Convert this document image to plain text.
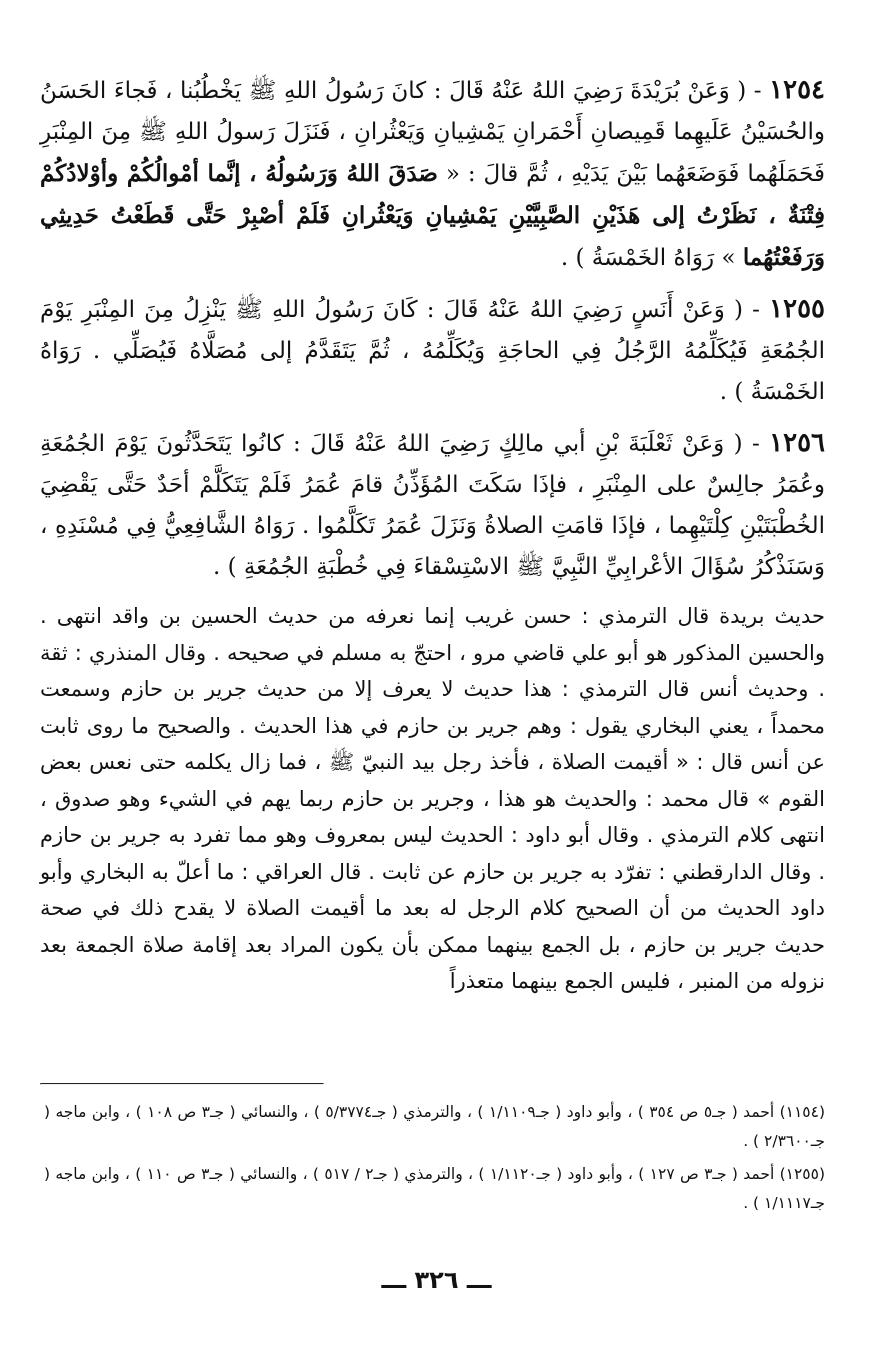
١٢٥٤ - ( وَعَنْ بُرَيْدَةَ رَضِيَ اللهُ عَنْهُ قَالَ : كانَ رَسُولُ اللهِ ﷺ يَخْطُبُنا ، فَجاءَ الحَسَنُ والحُسَيْنُ عَلَيهِما قَمِيصانِ أَحْمَرانِ يَمْشِيانِ وَيَعْثُرانِ ، فَنَزَلَ رَسولُ اللهِ ﷺ مِنَ المِنْبَرِ فَحَمَلَهُما فَوَضَعَهُما بَيْنَ يَدَيْهِ ، ثُمَّ قالَ : « صَدَقَ اللهُ وَرَسُولُهُ ، إنَّما أمْوالُكُمْ وأوْلادُكُمْ فِتْنَةٌ ، نَظَرْتُ إلى هَذَيْنِ الصَّبِيَّيْنِ يَمْشِيانِ وَيَعْثُرانِ فَلَمْ أصْبِرْ حَتَّى قَطَعْتُ حَدِيثِي وَرَفَعْتُهُما » رَوَاهُ الخَمْسَةُ ) .

١٢٥٥ - ( وَعَنْ أَنَسٍ رَضِيَ اللهُ عَنْهُ قَالَ : كَانَ رَسُولُ اللهِ ﷺ يَنْزِلُ مِنَ المِنْبَرِ يَوْمَ الجُمُعَةِ فَيُكَلِّمُهُ الرَّجُلُ فِي الحاجَةِ وَيُكَلِّمُهُ ، ثُمَّ يَتَقَدَّمُ إلى مُصَلَّاهُ فَيُصَلِّي . رَوَاهُ الخَمْسَةُ ) .

١٢٥٦ - ( وَعَنْ ثَعْلَبَةَ بْنِ أبي مالِكٍ رَضِيَ اللهُ عَنْهُ قَالَ : كانُوا يَتَحَدَّثُونَ يَوْمَ الجُمُعَةِ وعُمَرُ جالِسٌ على المِنْبَرِ ، فإذَا سَكَتَ المُؤَذِّنُ قامَ عُمَرُ فَلَمْ يَتَكَلَّمْ أحَدٌ حَتَّى يَقْضِيَ الخُطْبَتَيْنِ كِلْتَيْهِما ، فإذَا قامَتِ الصلاةُ وَنَزَلَ عُمَرُ تَكَلَّمُوا . رَوَاهُ الشَّافِعِيُّ فِي مُسْنَدِهِ ، وَسَنَذْكُرُ سُؤَالَ الأعْرابِيِّ النَّبِيَّ ﷺ الاسْتِسْقاءَ فِي خُطْبَةِ الجُمُعَةِ ) .

حديث بريدة قال الترمذي : حسن غريب إنما نعرفه من حديث الحسين بن واقد انتهى . والحسين المذكور هو أبو علي قاضي مرو ، احتجّ به مسلم في صحيحه . وقال المنذري : ثقة . وحديث أنس قال الترمذي : هذا حديث لا يعرف إلا من حديث جرير بن حازم وسمعت محمداً ، يعني البخاري يقول : وهم جرير بن حازم في هذا الحديث . والصحيح ما روى ثابت عن أنس قال : « أقيمت الصلاة ، فأخذ رجل بيد النبيّ ﷺ ، فما زال يكلمه حتى نعس بعض القوم » قال محمد : والحديث هو هذا ، وجرير بن حازم ربما يهم في الشيء وهو صدوق ، انتهى كلام الترمذي . وقال أبو داود : الحديث ليس بمعروف وهو مما تفرد به جرير بن حازم . وقال الدارقطني : تفرّد به جرير بن حازم عن ثابت . قال العراقي : ما أعلّ به البخاري وأبو داود الحديث من أن الصحيح كلام الرجل له بعد ما أقيمت الصلاة لا يقدح ذلك في صحة حديث جرير بن حازم ، بل الجمع بينهما ممكن بأن يكون المراد بعد إقامة صلاة الجمعة بعد نزوله من المنبر ، فليس الجمع بينهما متعذراً

(١١٥٤) أحمد ( جـ٥ ص ٣٥٤ ) ، وأبو داود ( جـ١/١١٠٩ ) ، والترمذي ( جـ٥/٣٧٧٤ ) ، والنسائي ( جـ٣ ص ١٠٨ ) ، وابن ماجه ( جـ٢/٣٦٠٠ ) .

(١٢٥٥) أحمد ( جـ٣ ص ١٢٧ ) ، وأبو داود ( جـ١/١١٢٠ ) ، والترمذي ( جـ٢ / ٥١٧ ) ، والنسائي ( جـ٣ ص ١١٠ ) ، وابن ماجه ( جـ١/١١١٧ ) .

ـــ ٣٢٦ ـــ
